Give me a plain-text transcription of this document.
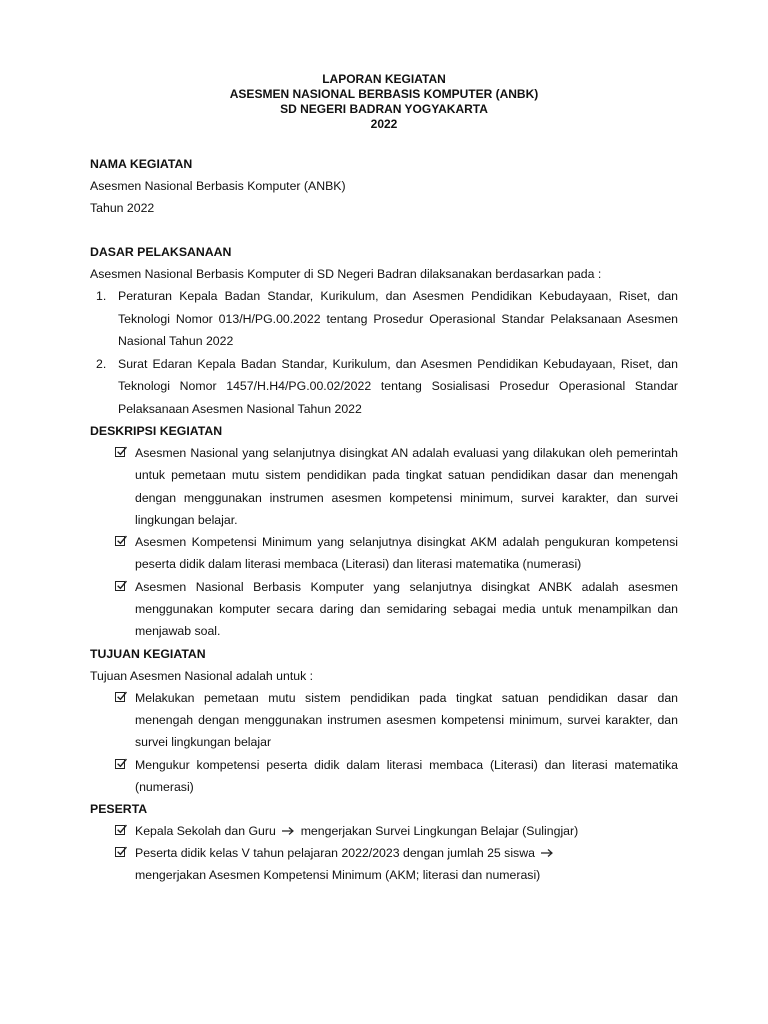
LAPORAN KEGIATAN
ASESMEN NASIONAL BERBASIS KOMPUTER (ANBK)
SD NEGERI BADRAN YOGYAKARTA
2022
NAMA KEGIATAN
Asesmen Nasional Berbasis Komputer (ANBK)
Tahun 2022
DASAR PELAKSANAAN
Asesmen Nasional Berbasis Komputer di SD Negeri Badran dilaksanakan berdasarkan pada :
1. Peraturan Kepala Badan Standar, Kurikulum, dan Asesmen Pendidikan Kebudayaan, Riset, dan Teknologi Nomor 013/H/PG.00.2022 tentang Prosedur Operasional Standar Pelaksanaan Asesmen Nasional Tahun 2022
2. Surat Edaran Kepala Badan Standar, Kurikulum, dan Asesmen Pendidikan Kebudayaan, Riset, dan Teknologi Nomor 1457/H.H4/PG.00.02/2022 tentang Sosialisasi Prosedur Operasional Standar Pelaksanaan Asesmen Nasional Tahun 2022
DESKRIPSI KEGIATAN
Asesmen Nasional yang selanjutnya disingkat AN adalah evaluasi yang dilakukan oleh pemerintah untuk pemetaan mutu sistem pendidikan pada tingkat satuan pendidikan dasar dan menengah dengan menggunakan instrumen asesmen kompetensi minimum, survei karakter, dan survei lingkungan belajar.
Asesmen Kompetensi Minimum yang selanjutnya disingkat AKM adalah pengukuran kompetensi peserta didik dalam literasi membaca (Literasi) dan literasi matematika (numerasi)
Asesmen Nasional Berbasis Komputer yang selanjutnya disingkat ANBK adalah asesmen menggunakan komputer secara daring dan semidaring sebagai media untuk menampilkan dan menjawab soal.
TUJUAN KEGIATAN
Tujuan Asesmen Nasional adalah untuk :
Melakukan pemetaan mutu sistem pendidikan pada tingkat satuan pendidikan dasar dan menengah dengan menggunakan instrumen asesmen kompetensi minimum, survei karakter, dan survei lingkungan belajar
Mengukur kompetensi peserta didik dalam literasi membaca (Literasi) dan literasi matematika (numerasi)
PESERTA
Kepala Sekolah dan Guru mengerjakan Survei Lingkungan Belajar (Sulingjar)
Peserta didik kelas V tahun pelajaran 2022/2023 dengan jumlah 25 siswa
mengerjakan Asesmen Kompetensi Minimum (AKM; literasi dan numerasi)
